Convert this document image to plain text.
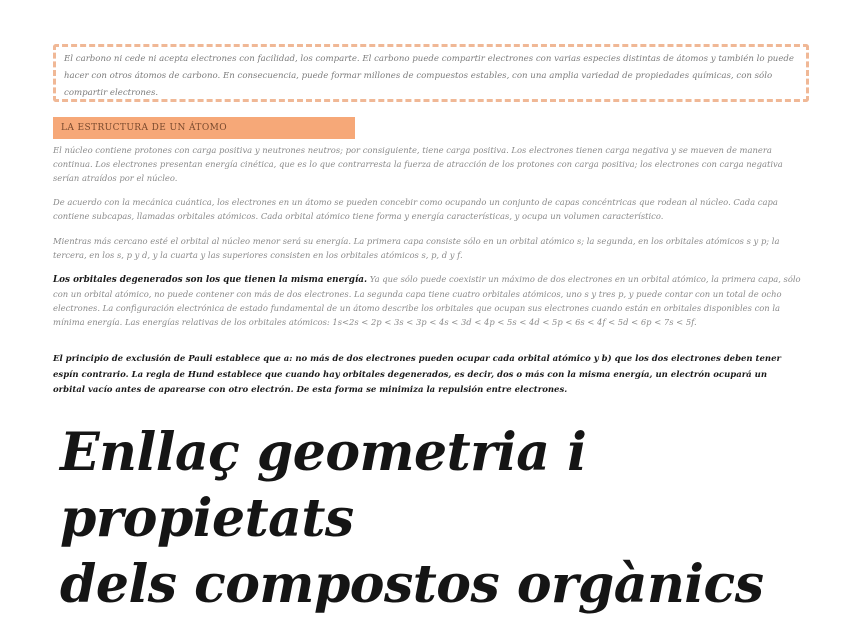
El carbono ni cede ni acepta electrones con facilidad, los comparte. El carbono puede compartir electrones con varias especies distintas de átomos y también lo puede hacer con otros átomos de carbono. En consecuencia, puede formar millones de compuestos estables, con una amplia variedad de propiedades químicas, con sólo compartir electrones.
LA ESTRUCTURA DE UN ÁTOMO
El núcleo contiene protones con carga positiva y neutrones neutros; por consiguiente, tiene carga positiva. Los electrones tienen carga negativa y se mueven de manera continua. Los electrones presentan energía cinética, que es lo que contrarresta la fuerza de atracción de los protones con carga positiva; los electrones con carga negativa serían atraídos por el núcleo.
De acuerdo con la mecánica cuántica, los electrones en un átomo se pueden concebir como ocupando un conjunto de capas concéntricas que rodean al núcleo. Cada capa contiene subcapas, llamadas orbitales atómicos. Cada orbital atómico tiene forma y energía características, y ocupa un volumen característico.
Mientras más cercano esté el orbital al núcleo menor será su energía. La primera capa consiste sólo en un orbital atómico s; la segunda, en los orbitales atómicos s y p; la tercera, en los s, p y d, y la cuarta y las superiores consisten en los orbitales atómicos s, p, d y f.
Los orbitales degenerados son los que tienen la misma energía. Ya que sólo puede coexistir un máximo de dos electrones en un orbital atómico, la primera capa, sólo con un orbital atómico, no puede contener con más de dos electrones. La segunda capa tiene cuatro orbitales atómicos, uno s y tres p, y puede contar con un total de ocho electrones. La configuración electrónica de estado fundamental de un átomo describe los orbitales que ocupan sus electrones cuando están en orbitales disponibles con la mínima energía. Las energías relativas de los orbitales atómicos: 1s<2s < 2p < 3s < 3p < 4s < 3d < 4p < 5s < 4d < 5p < 6s < 4f < 5d < 6p < 7s < 5f.
El principio de exclusión de Pauli establece que a: no más de dos electrones pueden ocupar cada orbital atómico y b) que los dos electrones deben tener espín contrario. La regla de Hund establece que cuando hay orbitales degenerados, es decir, dos o más con la misma energía, un electrón ocupará un orbital vacío antes de aparearse con otro electrón. De esta forma se minimiza la repulsión entre electrones.
Enllaç geometria i propietats
dels compostos orgànics
